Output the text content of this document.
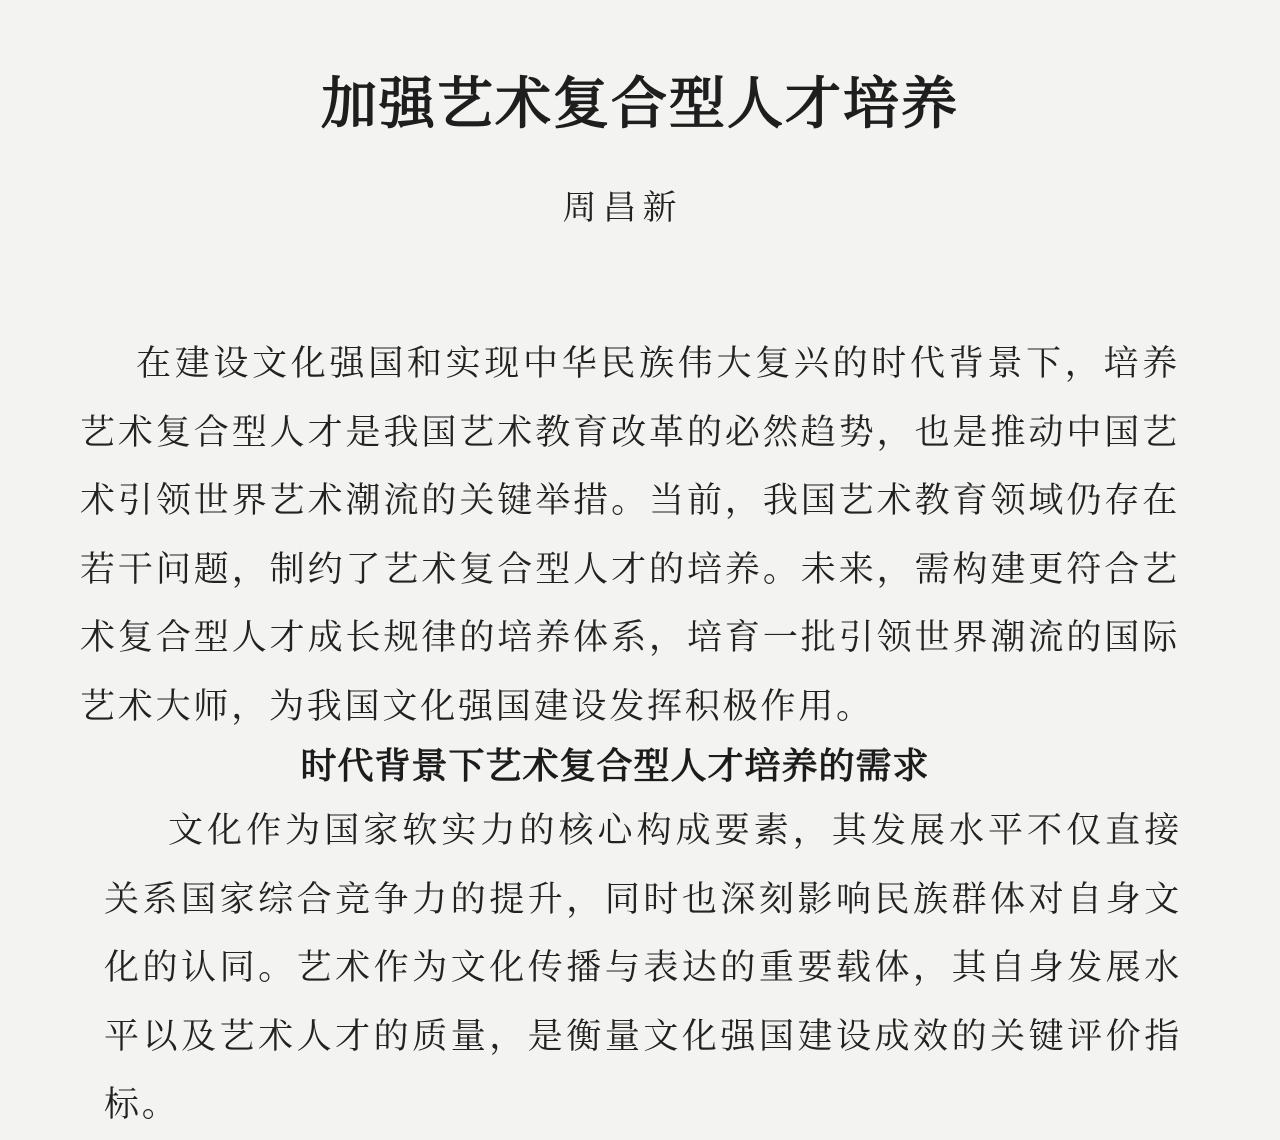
加强艺术复合型人才培养
周昌新

在建设文化强国和实现中华民族伟大复兴的时代背景下，培养艺术复合型人才是我国艺术教育改革的必然趋势，也是推动中国艺术引领世界艺术潮流的关键举措。当前，我国艺术教育领域仍存在若干问题，制约了艺术复合型人才的培养。未来，需构建更符合艺术复合型人才成长规律的培养体系，培育一批引领世界潮流的国际艺术大师，为我国文化强国建设发挥积极作用。

时代背景下艺术复合型人才培养的需求

文化作为国家软实力的核心构成要素，其发展水平不仅直接关系国家综合竞争力的提升，同时也深刻影响民族群体对自身文化的认同。艺术作为文化传播与表达的重要载体，其自身发展水平以及艺术人才的质量，是衡量文化强国建设成效的关键评价指标。
